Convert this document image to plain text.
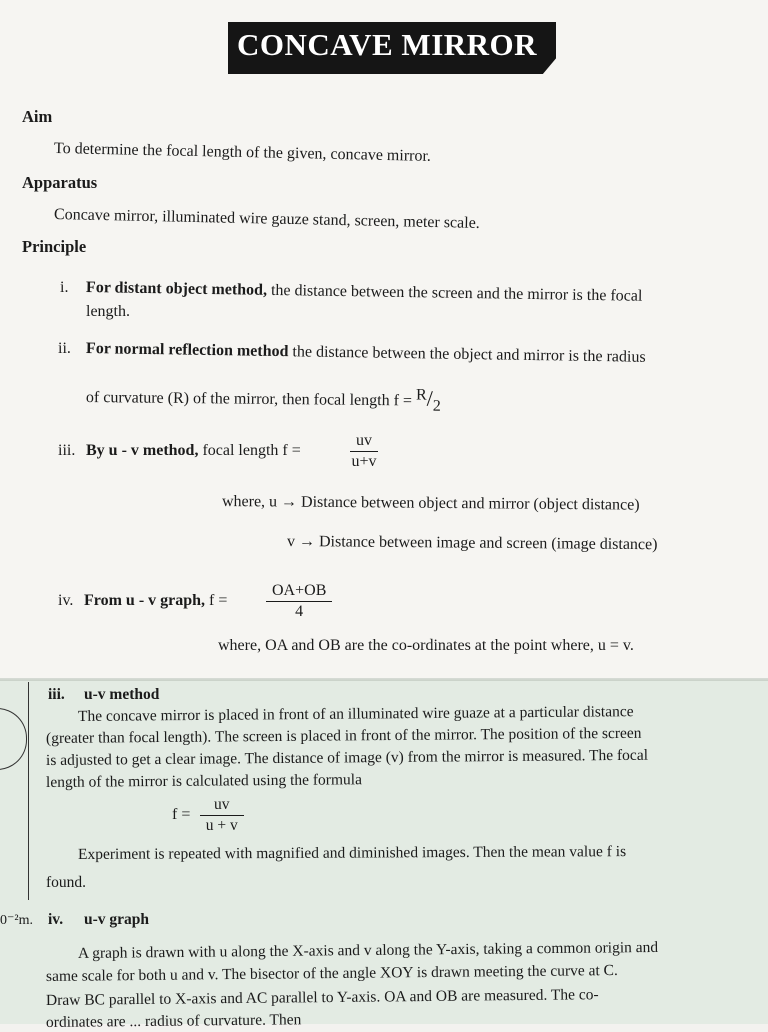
CONCAVE MIRROR
Aim
To determine the focal length of the given, concave mirror.
Apparatus
Concave mirror, illuminated wire gauze stand, screen, meter scale.
Principle
i. For distant object method, the distance between the screen and the mirror is the focal
length.
ii. For normal reflection method the distance between the object and mirror is the radius
of curvature (R) of the mirror, then focal length f = R/2
iii. By u - v method, focal length f =	$\frac{uv}{u+v}$
where, u → Distance between object and mirror (object distance)
v → Distance between image and screen (image distance)
iv. From u - v graph, $f = \frac{OA+OB}{4}$
where, OA and OB are the co-ordinates at the point where, u = v.
iii. u-v method
The concave mirror is placed in front of an illuminated wire guaze at a particular distance
(greater than focal length). The screen is placed in front of the mirror. The position of the screen
is adjusted to get a clear image. The distance of image (v) from the mirror is measured. The focal
length of the mirror is calculated using the formula
$f = \frac{uv}{u + v}$
Experiment is repeated with magnified and diminished images. Then the mean value f is
found.
0⁻²m. iv. u-v graph
A graph is drawn with u along the X-axis and v along the Y-axis, taking a common origin and
same scale for both u and v. The bisector of the angle XOY is drawn meeting the curve at C.
Draw BC parallel to X-axis and AC parallel to Y-axis. OA and OB are measured. The co-
ordinates are ... radius of curvature. Then
